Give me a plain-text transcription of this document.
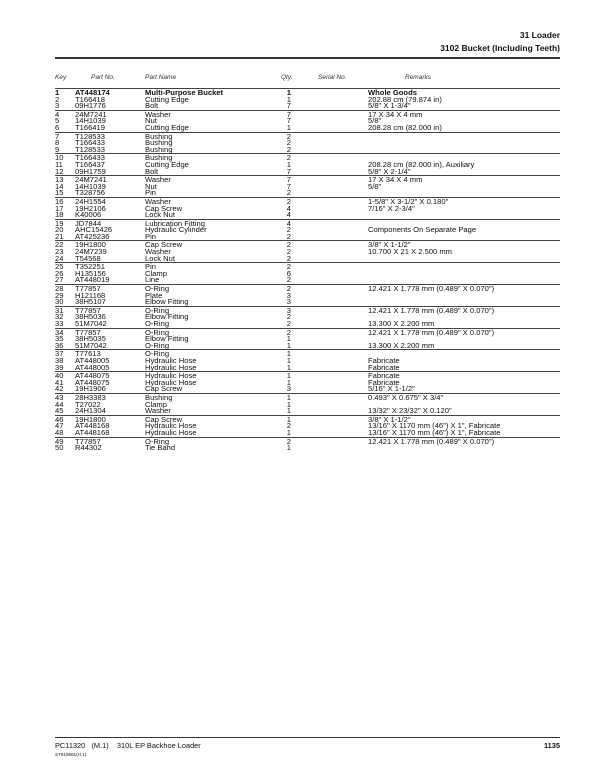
31 Loader
3102 Bucket (Including Teeth)
Key	Part No.	Part Name	Qty.	Serial No.	Remarks
1 AT448174	Multi-Purpose Bucket	1	Whole Goods
2 T166418	Cutting Edge	1	202.88 cm (79.874 in)
3 09H1776	Bolt	7	5/8" X 1-3/4"
4 24M7241	Washer	7	17 X 34 X 4 mm
5 14H1039	Nut	7	5/8"
6 T166419	Cutting Edge	1	208.28 cm (82.000 in)
7 T128533	Bushing	2
8 T166433	Bushing	2
9 T128533	Bushing	2
10 T166433	Bushing	2
11 T166437	Cutting Edge	1	208.28 cm (82.000 in), Auxiliary
12 09H1759	Bolt	7	5/8" X 2-1/4"
13 24M7241	Washer	7	17 X 34 X 4 mm
14 14H1039	Nut	7	5/8"
15 T328756	Pin	2
16 24H1554	Washer	2	1-5/8" X 3-1/2" X 0.180"
17 19H2106	Cap Screw	4	7/16" X 2-3/4"
18 K40006	Lock Nut	4
19 JD7844	Lubrication Fitting	4
20 AHC15426	Hydraulic Cylinder	2	Components On Separate Page
21 AT425236	Pin	2
22 19H1800	Cap Screw	2	3/8" X 1-1/2"
23 24M7239	Washer	2	10.700 X 21 X 2.500 mm
24 T54568	Lock Nut	2
25 T352251	Pin	2
26 H135156	Clamp	6
27 AT448019	Line	2
28 T77857	O-Ring	2	12.421 X 1.778 mm (0.489" X 0.070")
29 H121168	Plate	3
30 38H5107	Elbow Fitting	3
31 T77857	O-Ring	3	12.421 X 1.778 mm (0.489" X 0.070")
32 38H5036	Elbow Fitting	2
33 51M7042	O-Ring	2	13.300 X 2.200 mm
34 T77857	O-Ring	2	12.421 X 1.778 mm (0.489" X 0.070")
35 38H5035	Elbow Fitting	1
36 51M7042	O-Ring	1	13.300 X 2.200 mm
37 T77613	O-Ring	1
38 AT448005	Hydraulic Hose	1	Fabricate
39 AT448005	Hydraulic Hose	1	Fabricate
40 AT448075	Hydraulic Hose	1	Fabricate
41 AT448075	Hydraulic Hose	1	Fabricate
42 19H1906	Cap Screw	3	5/16" X 1-1/2"
43 28H3383	Bushing	1	0.493" X 0.675" X 3/4"
44 T27022	Clamp	1
45 24H1304	Washer	1	13/32" X 23/32" X 0.120"
46 19H1800	Cap Screw	1	3/8" X 1-1/2"
47 AT448168	Hydraulic Hose	2	13/16" X 1170 mm (46") X 1", Fabricate
48 AT448168	Hydraulic Hose	1	13/16" X 1170 mm (46") X 1", Fabricate
49 T77857	O-Ring	2	12.421 X 1.778 mm (0.489" X 0.070")
50 R44302	Tie Band	1
PC11320 (M.1) 310L EP Backhoe Loader
ST819681(H.1)
1135
